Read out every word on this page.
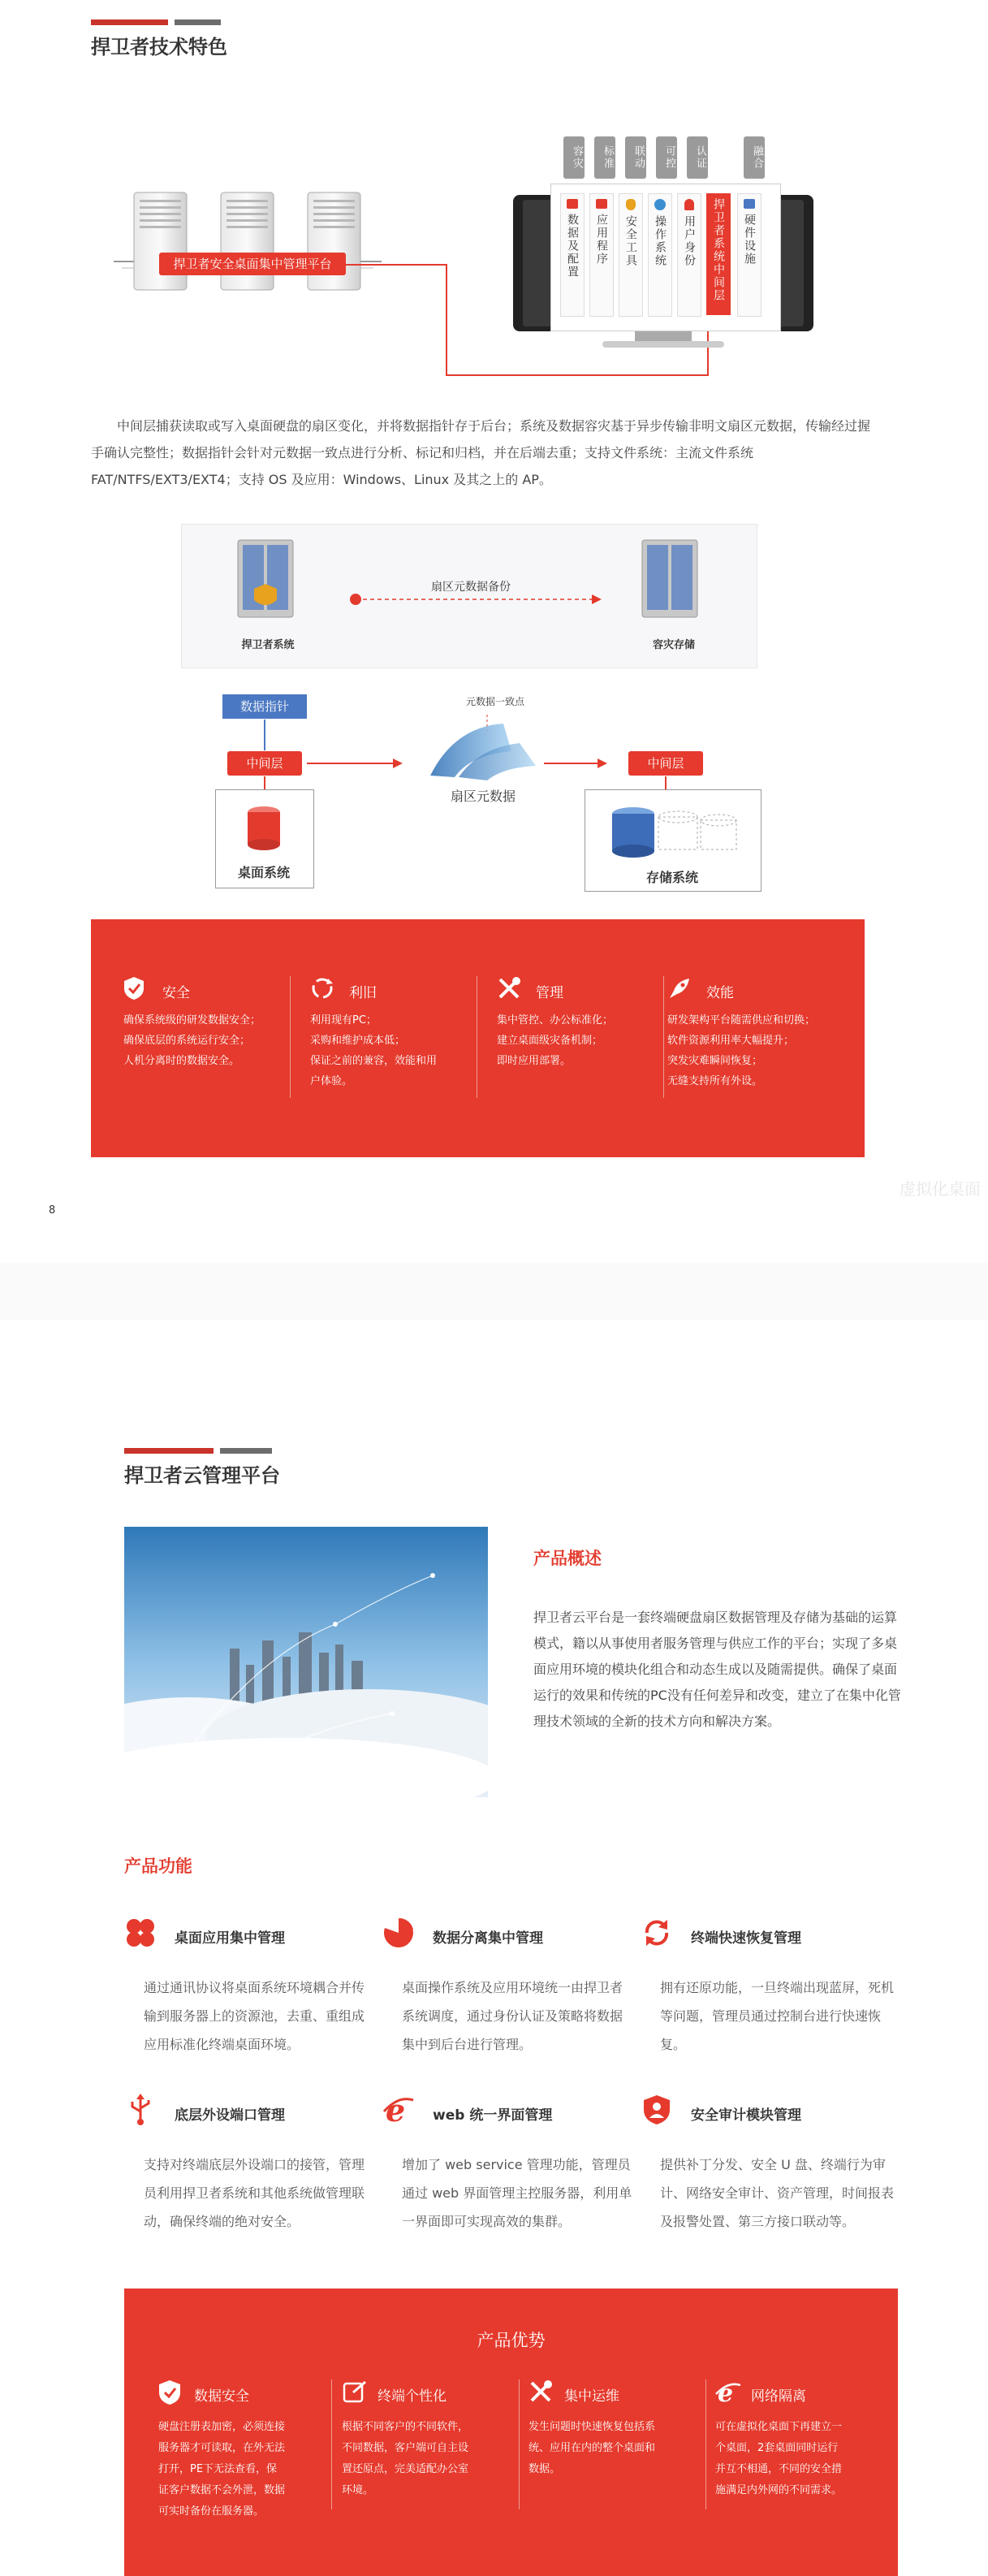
捍卫者技术特色
捍卫者安全桌面集中管理平台
容灾	标准	联动	可控	认证	融合
数据及配置 应用程序 安全工具 操作系统 用户身份 捍卫者系统中间层 硬件设施
中间层捕获读取或写入桌面硬盘的扇区变化，并将数据指针存于后台；系统及数据容灾基于异步传输非明文扇区元数据，传输经过握手确认完整性；数据指针会针对元数据一致点进行分析、标记和归档，并在后端去重；支持文件系统：主流文件系统 FAT/NTFS/EXT3/EXT4；支持 OS 及应用：Windows、Linux 及其之上的 AP。
捍卫者系统
扇区元数据备份
容灾存储
数据指针
中间层	中间层
元数据一致点
扇区元数据
桌面系统	存储系统
安全
确保系统级的研发数据安全；
确保底层的系统运行安全；
人机分离时的数据安全。
利旧
利用现有PC；
采购和维护成本低；
保证之前的兼容，效能和用
户体验。
管理
集中管控、办公标准化；
建立桌面级灾备机制；
即时应用部署。
效能
研发架构平台随需供应和切换；
软件资源利用率大幅提升；
突发灾难瞬间恢复；
无缝支持所有外设。
8
虚拟化桌面
捍卫者云管理平台
产品概述
捍卫者云平台是一套终端硬盘扇区数据管理及存储为基础的运算模式，籍以从事使用者服务管理与供应工作的平台；实现了多桌面应用环境的模块化组合和动态生成以及随需提供。确保了桌面运行的效果和传统的PC没有任何差异和改变，建立了在集中化管理技术领域的全新的技术方向和解决方案。
产品功能
桌面应用集中管理
通过通讯协议将桌面系统环境耦合并传输到服务器上的资源池，去重、重组成应用标准化终端桌面环境。
数据分离集中管理
桌面操作系统及应用环境统一由捍卫者系统调度，通过身份认证及策略将数据集中到后台进行管理。
终端快速恢复管理
拥有还原功能，一旦终端出现蓝屏，死机等问题，管理员通过控制台进行快速恢复。
底层外设端口管理
支持对终端底层外设端口的接管，管理员利用捍卫者系统和其他系统做管理联动，确保终端的绝对安全。
e web 统一界面管理
增加了 web service 管理功能，管理员通过 web 界面管理主控服务器，利用单一界面即可实现高效的集群。
安全审计模块管理
提供补丁分发、安全 U 盘、终端行为审计、网络安全审计、资产管理，时间报表及报警处置、第三方接口联动等。
产品优势
数据安全
硬盘注册表加密，必须连接
服务器才可读取，在外无法
打开，PE下无法查看，保
证客户数据不会外泄，数据
可实时备份在服务器。
终端个性化
根据不同客户的不同软件，
不同数据，客户端可自主设
置还原点，完美适配办公室
环境。
集中运维
发生问题时快速恢复包括系
统、应用在内的整个桌面和
数据。
e 网络隔离
可在虚拟化桌面下再建立一
个桌面，2套桌面同时运行
并互不相通，不同的安全措
施满足内外网的不同需求。
